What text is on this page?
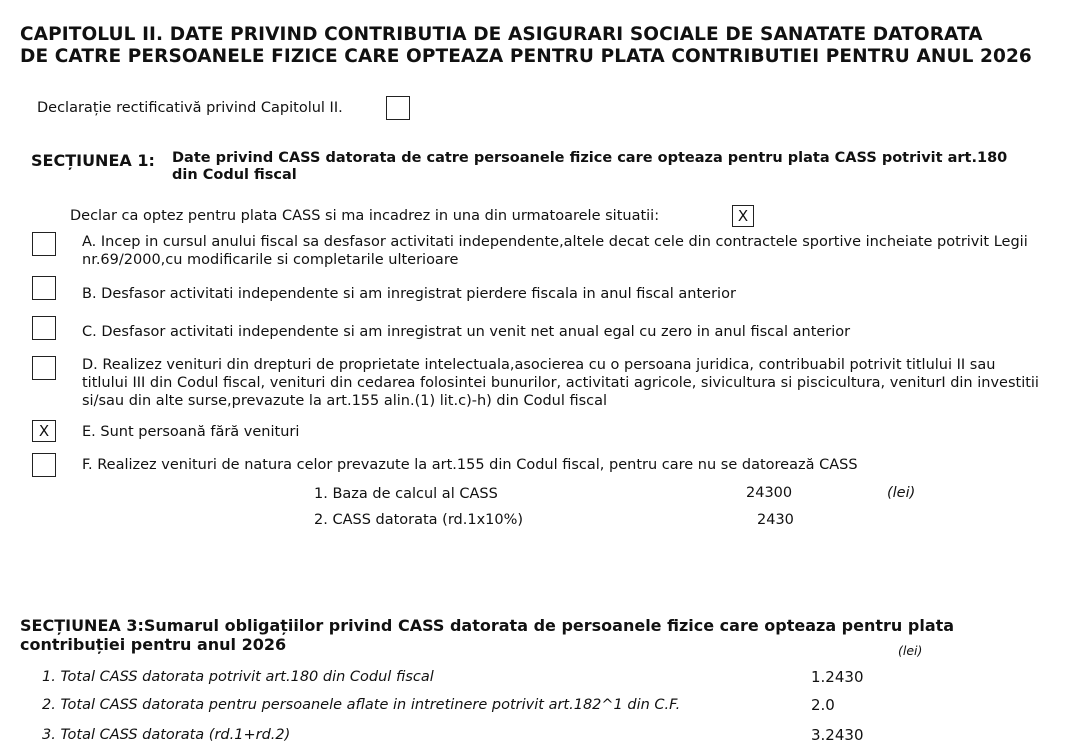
CAPITOLUL II. DATE PRIVIND CONTRIBUTIA DE ASIGURARI SOCIALE DE SANATATE DATORATA
DE CATRE PERSOANELE FIZICE CARE OPTEAZA PENTRU PLATA CONTRIBUTIEI PENTRU ANUL 2026
Declarație rectificativă privind Capitolul II.
SECȚIUNEA 1: Date privind CASS datorata de catre persoanele fizice care opteaza pentru plata CASS potrivit art.180 din Codul fiscal
Declar ca optez pentru plata CASS si ma incadrez in una din urmatoarele situatii:	X
A. Incep in cursul anului fiscal sa desfasor activitati independente,altele decat cele din contractele sportive incheiate potrivit Legii nr.69/2000,cu modificarile si completarile ulterioare
B. Desfasor activitati independente si am inregistrat pierdere fiscala in anul fiscal anterior
C. Desfasor activitati independente si am inregistrat un venit net anual egal cu zero in anul fiscal anterior
D. Realizez venituri din drepturi de proprietate intelectuala,asocierea cu o persoana juridica, contribuabil potrivit titlului II sau titlului III din Codul fiscal, venituri din cedarea folosintei bunurilor, activitati agricole, sivicultura si piscicultura, veniturI din investitii si/sau din alte surse,prevazute la art.155 alin.(1) lit.c)-h) din Codul fiscal
X	E. Sunt persoană fără venituri
F. Realizez venituri de natura celor prevazute la art.155 din Codul fiscal, pentru care nu se datorează CASS
1. Baza de calcul al CASS	24300	(lei)
2. CASS datorata (rd.1x10%)	2430
SECȚIUNEA 3:Sumarul obligațiilor privind CASS datorata de persoanele fizice care opteaza pentru plata contribuției pentru anul 2026	(lei)
1. Total CASS datorata potrivit art.180 din Codul fiscal	1.2430
2. Total CASS datorata pentru persoanele aflate in intretinere potrivit art.182^1 din C.F.	2.0
3. Total CASS datorata (rd.1+rd.2)	3.2430
